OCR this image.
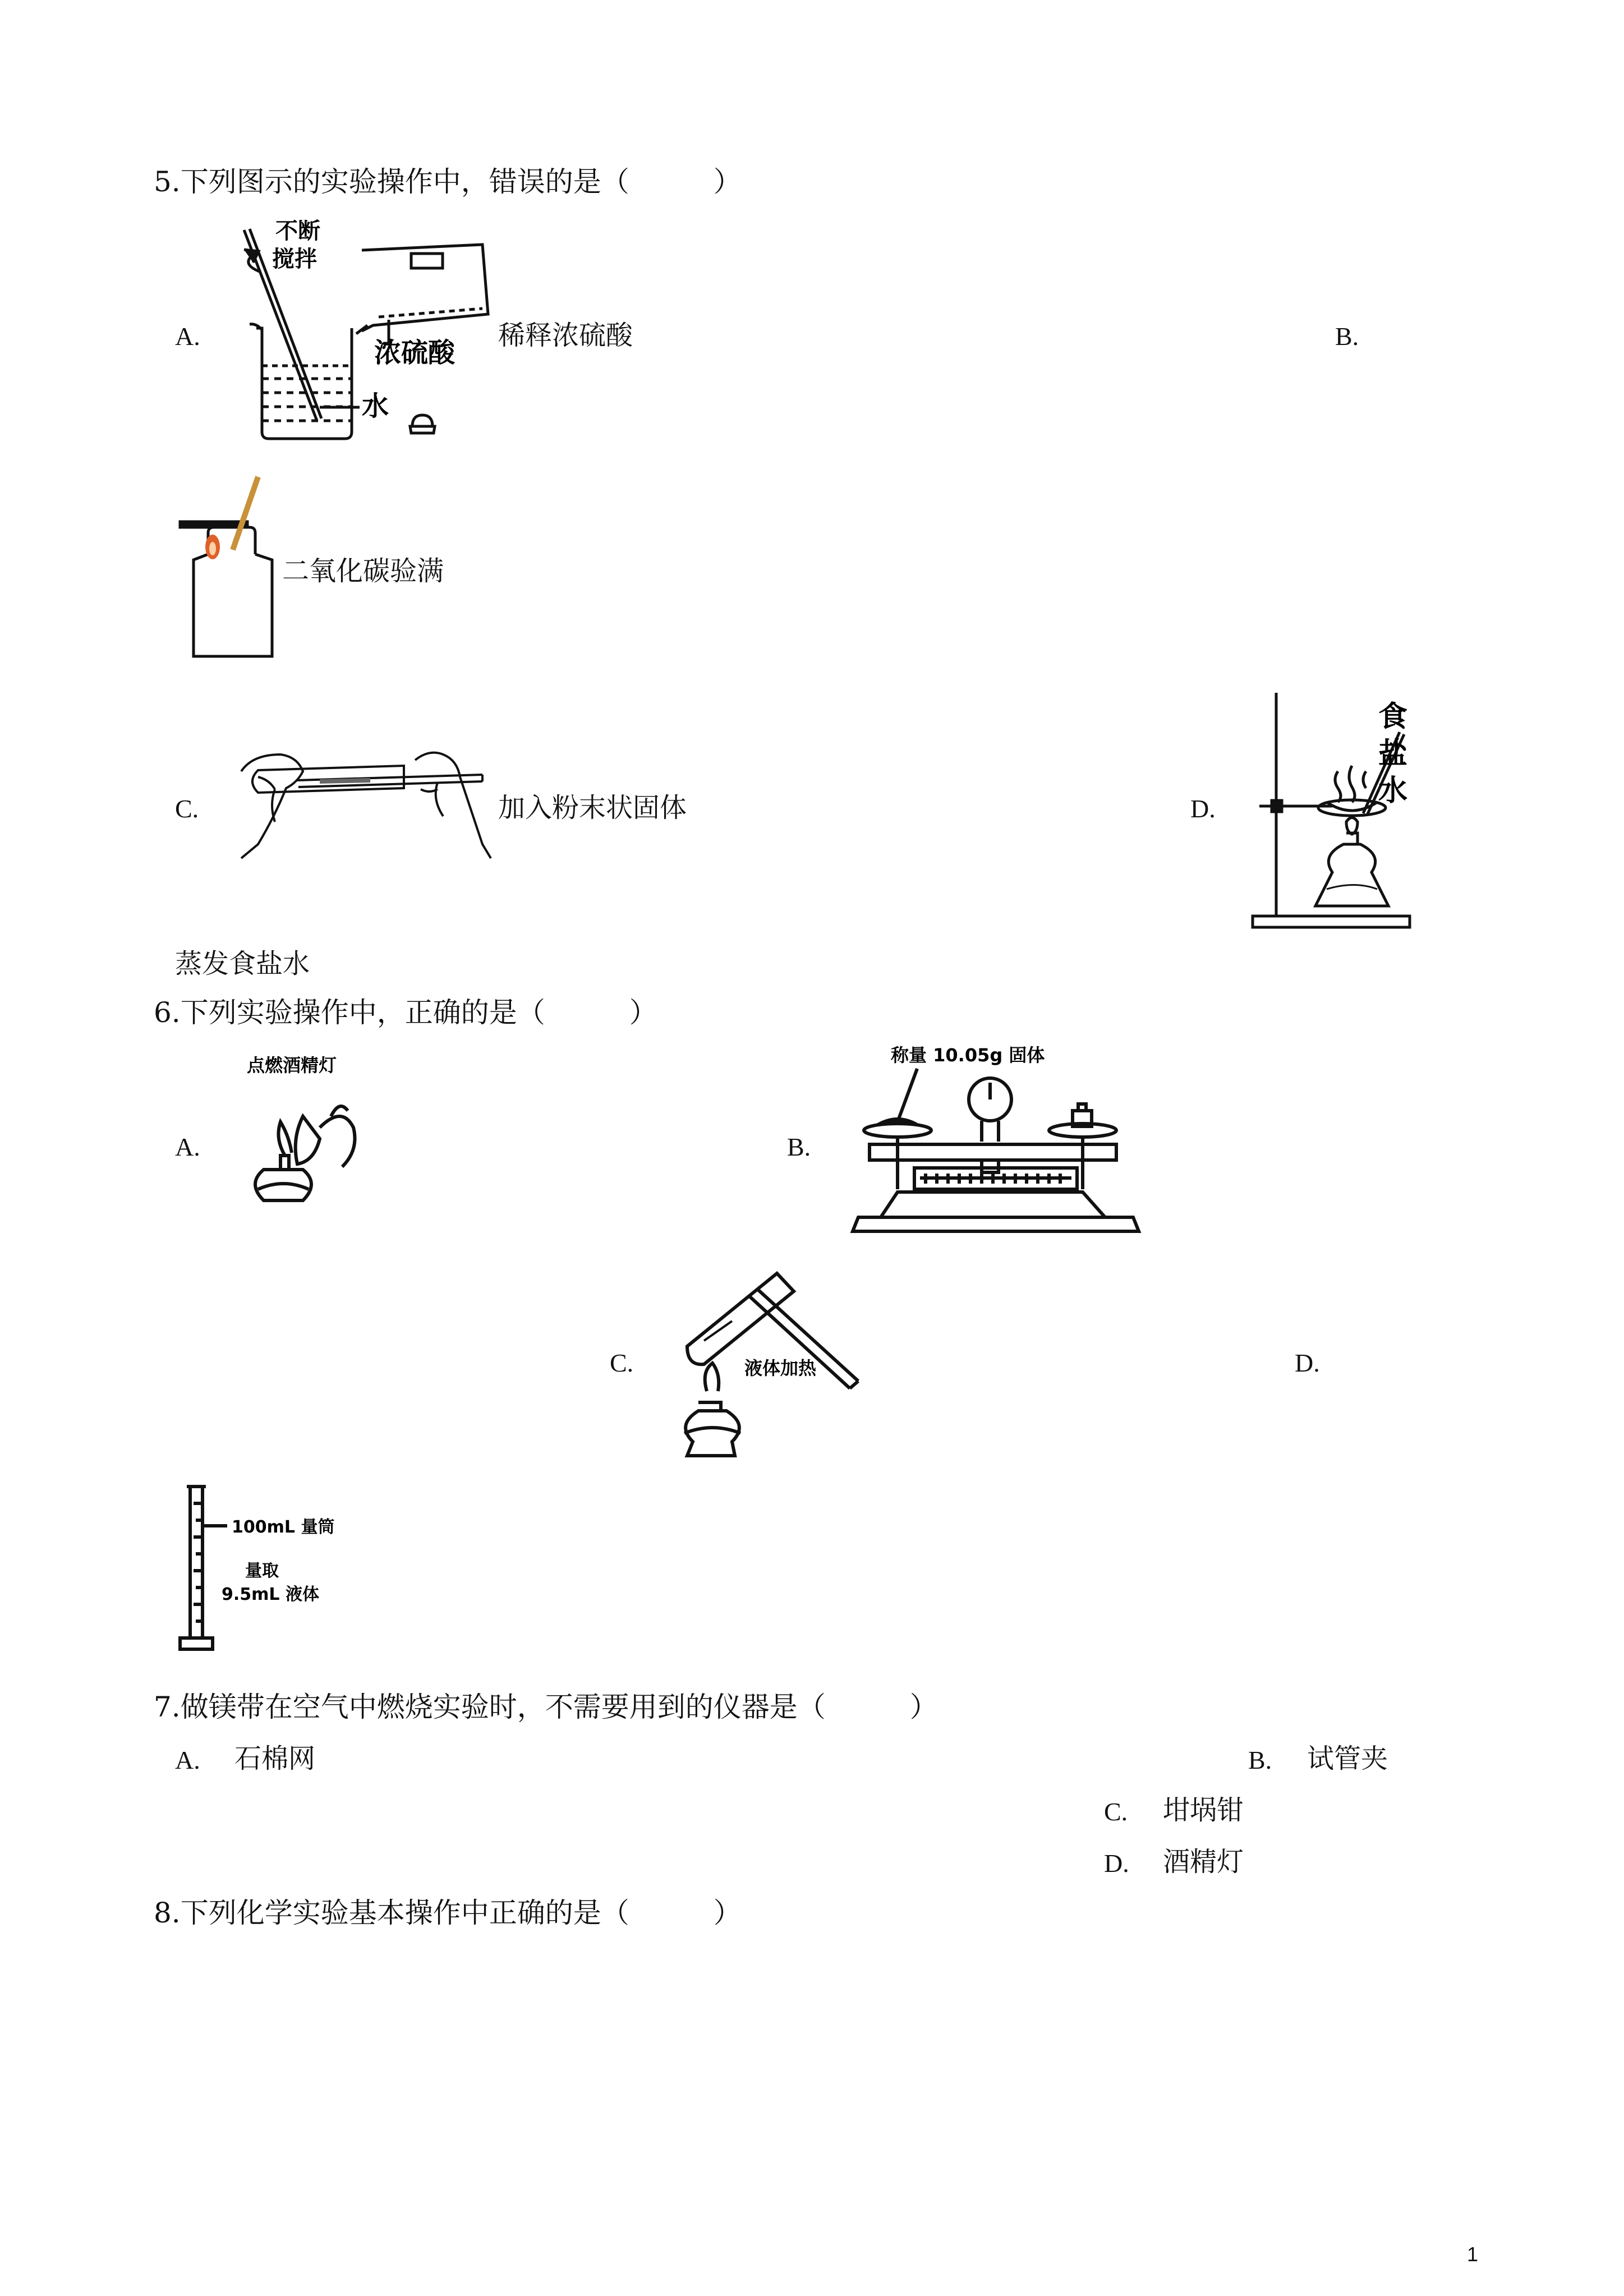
5.下列图示的实验操作中，错误的是（　　　）
A.
不断
搅拌
浓硫酸
水
稀释浓硫酸	B.
二氧化碳验满
C.	加入粉末状固体	D.
食
盐
水
蒸发食盐水
6.下列实验操作中，正确的是（　　　）
A.
点燃酒精灯
B.
称量 10.05g 固体
C.	液体加热	D.
100mL 量筒
量取
9.5mL 液体
7.做镁带在空气中燃烧实验时，不需要用到的仪器是（　　　）
A. 石棉网	B. 试管夹
C. 坩埚钳
D. 酒精灯
8.下列化学实验基本操作中正确的是（　　　）
1
